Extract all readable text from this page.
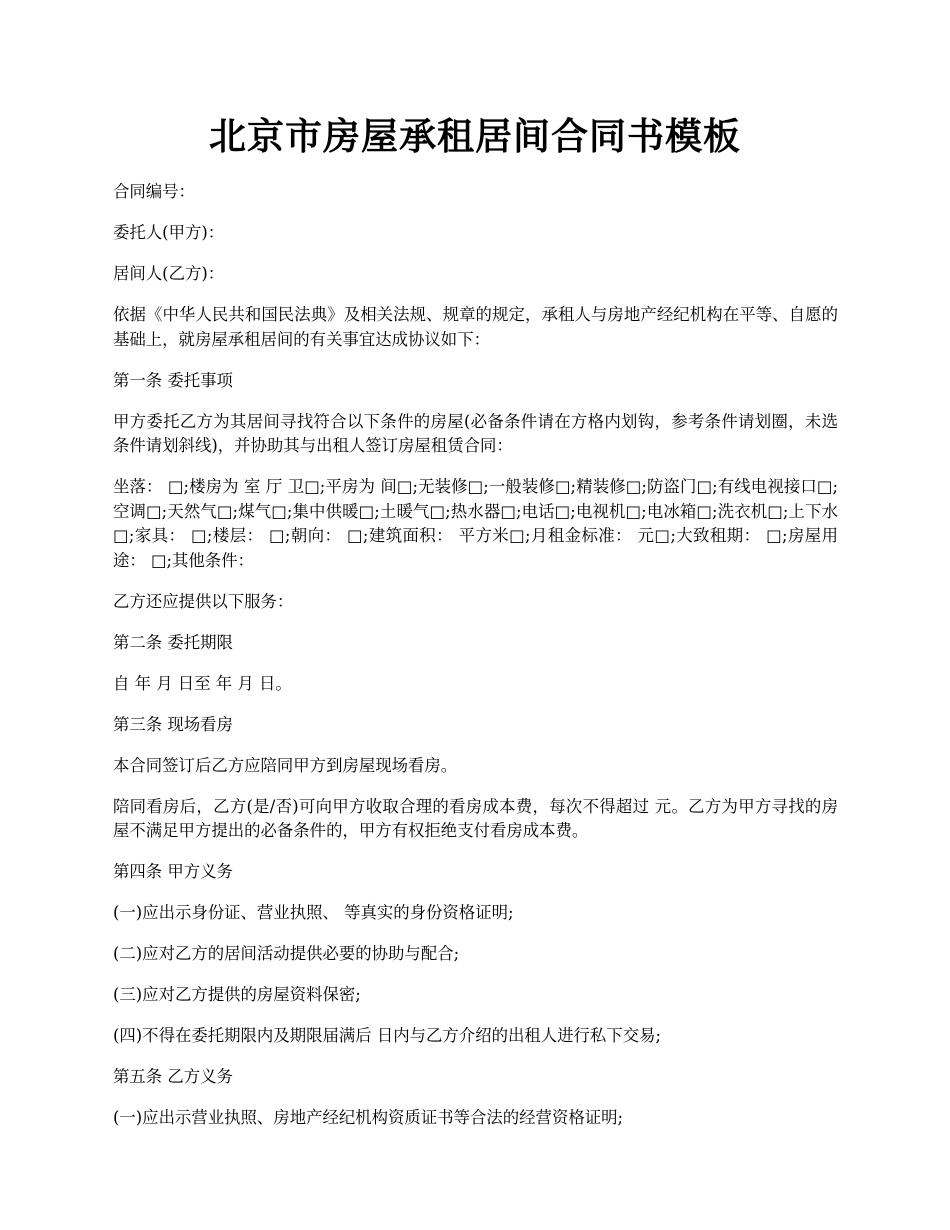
北京市房屋承租居间合同书模板

合同编号：

委托人(甲方)：

居间人(乙方)：

依据《中华人民共和国民法典》及相关法规、规章的规定，承租人与房地产经纪机构在平等、自愿的基础上，就房屋承租居间的有关事宜达成协议如下：

第一条 委托事项

甲方委托乙方为其居间寻找符合以下条件的房屋(必备条件请在方格内划钩，参考条件请划圈，未选条件请划斜线)，并协助其与出租人签订房屋租赁合同：

坐落： □;楼房为 室 厅 卫□;平房为 间□;无装修□;一般装修□;精装修□;防盗门□;有线电视接口□;空调□;天然气□;煤气□;集中供暖□;土暖气□;热水器□;电话□;电视机□;电冰箱□;洗衣机□;上下水□;家具： □;楼层： □;朝向： □;建筑面积： 平方米□;月租金标准： 元□;大致租期： □;房屋用途： □;其他条件：

乙方还应提供以下服务：

第二条 委托期限

自 年 月 日至 年 月 日。

第三条 现场看房

本合同签订后乙方应陪同甲方到房屋现场看房。

陪同看房后，乙方(是/否)可向甲方收取合理的看房成本费，每次不得超过 元。乙方为甲方寻找的房屋不满足甲方提出的必备条件的，甲方有权拒绝支付看房成本费。

第四条 甲方义务

(一)应出示身份证、营业执照、 等真实的身份资格证明;

(二)应对乙方的居间活动提供必要的协助与配合;

(三)应对乙方提供的房屋资料保密;

(四)不得在委托期限内及期限届满后 日内与乙方介绍的出租人进行私下交易;

第五条 乙方义务

(一)应出示营业执照、房地产经纪机构资质证书等合法的经营资格证明;
